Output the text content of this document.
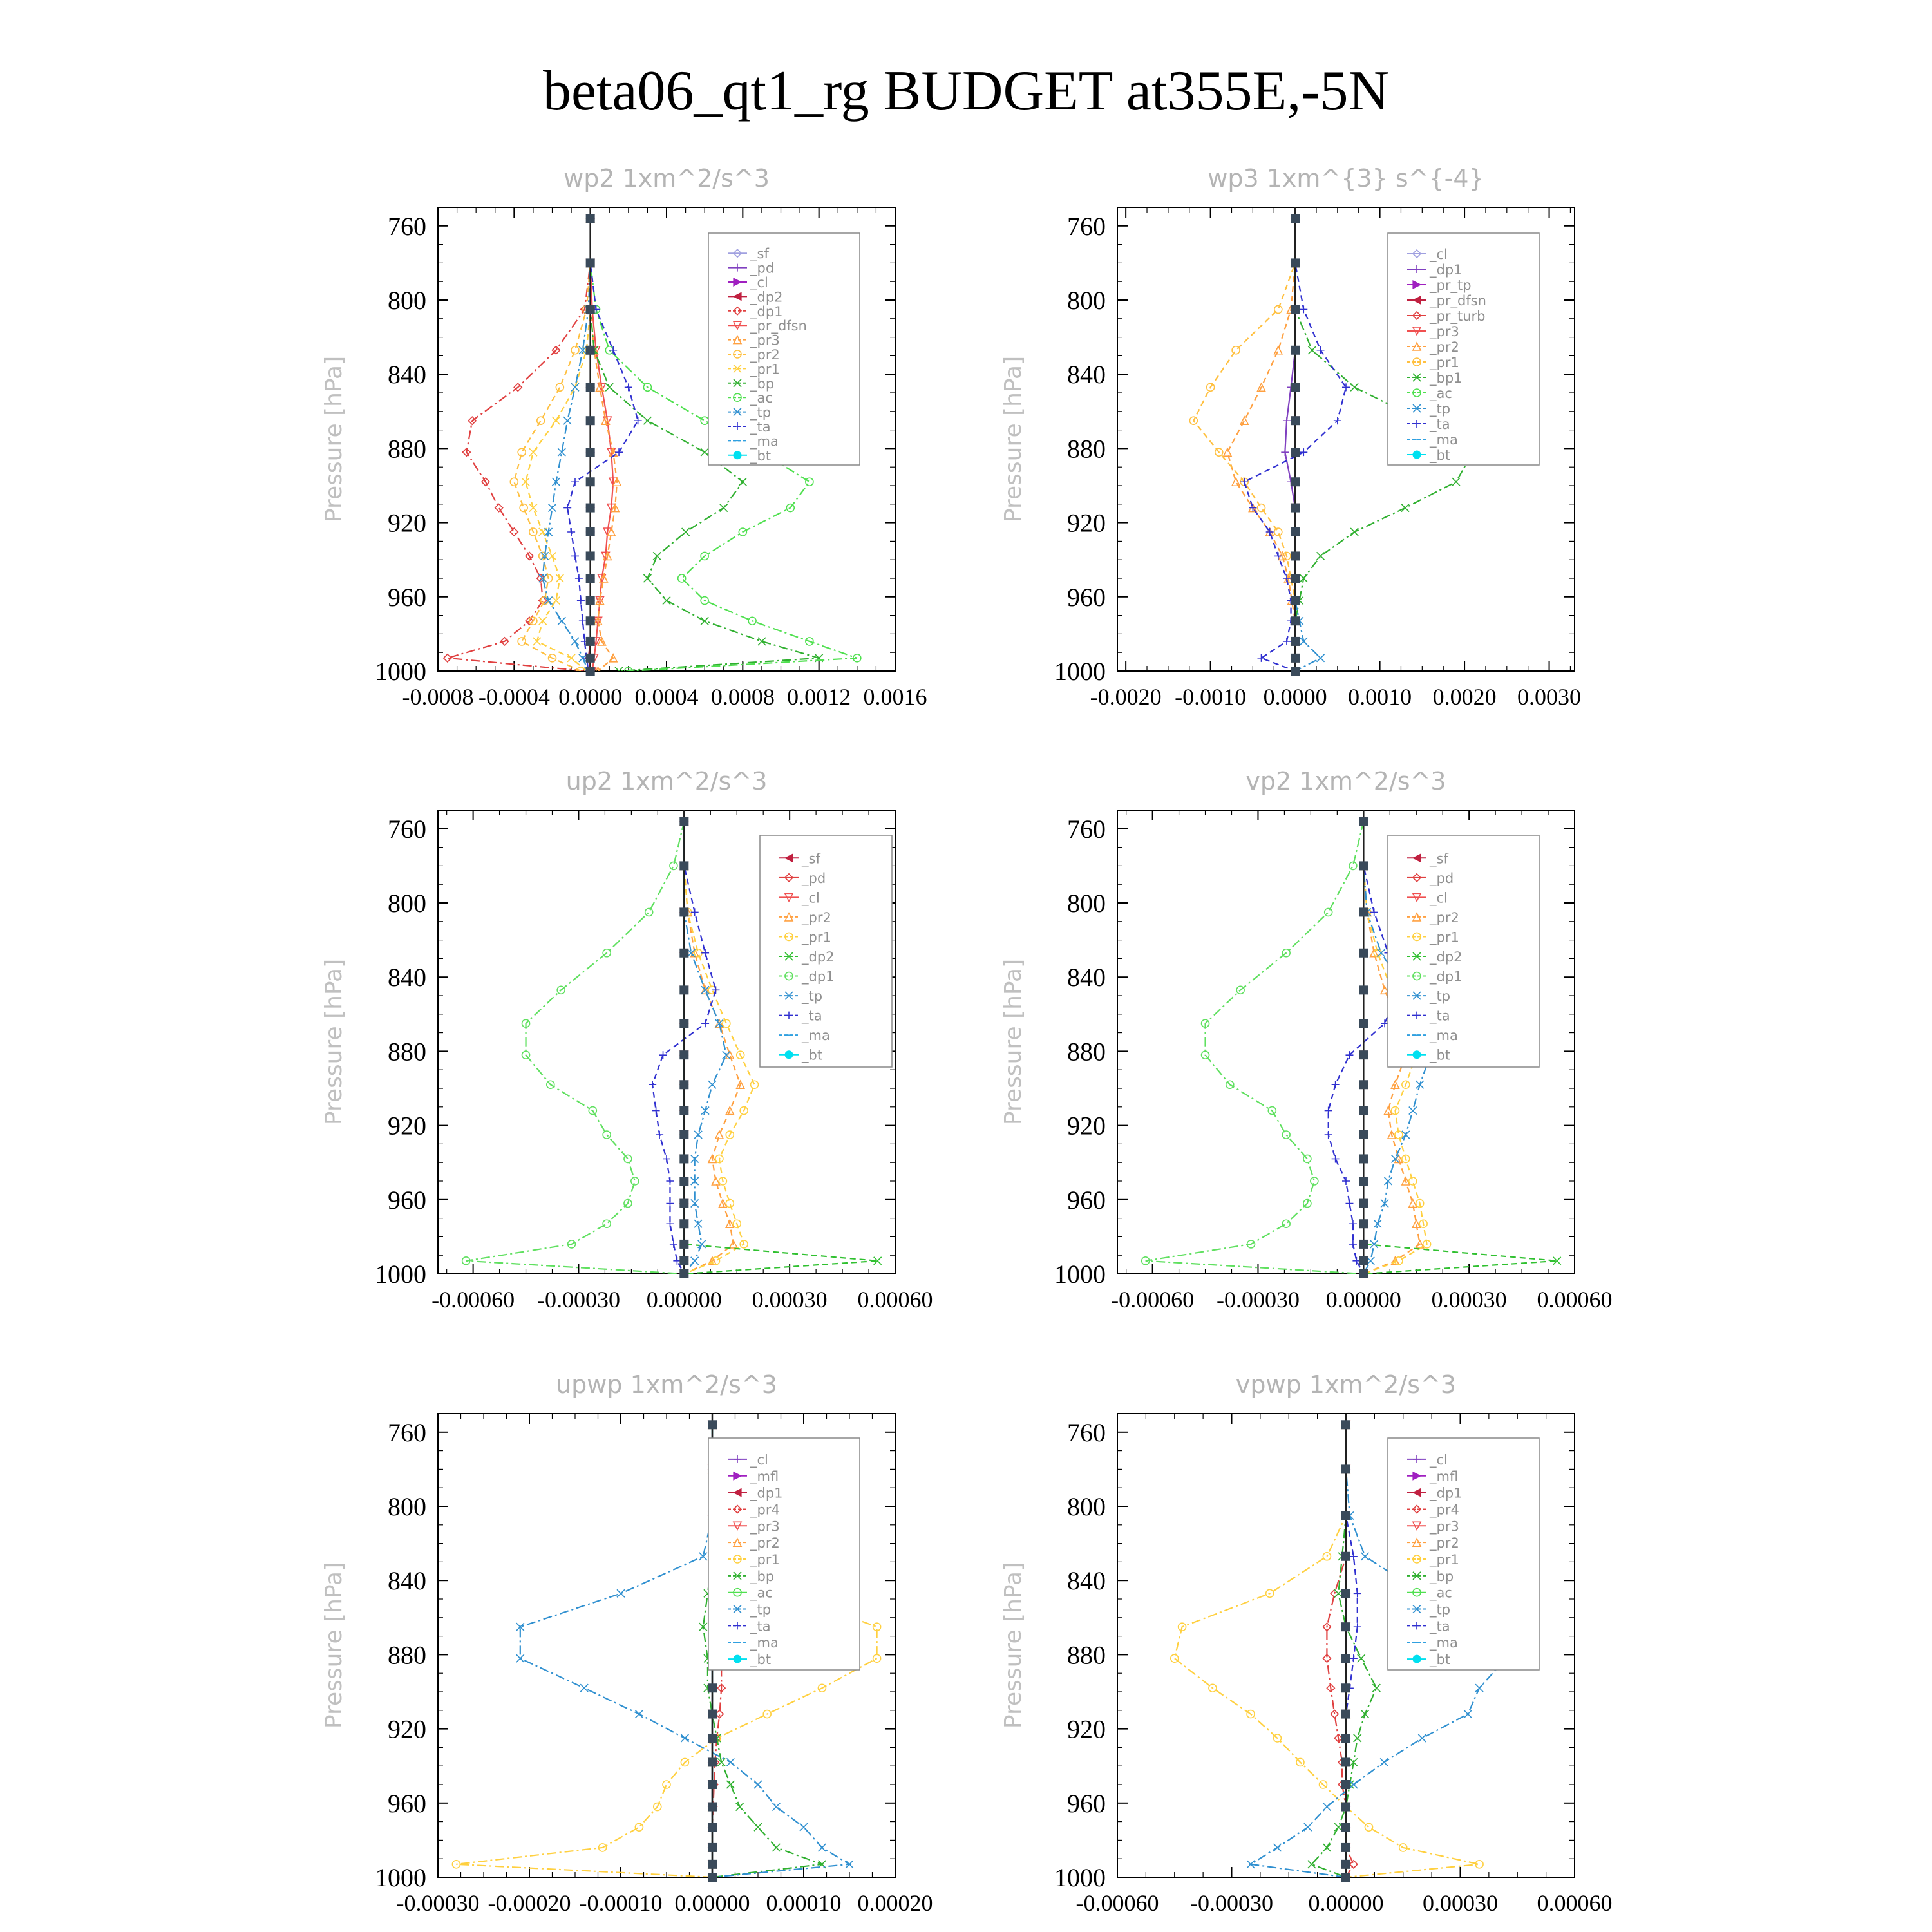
beta06_qt1_rg BUDGET at355E,-5N
wp2 1xm^2/s^3
Pressure [hPa]
760
800
840
880
920
960
1000
-0.0008 -0.0004 0.0000 0.0004 0.0008 0.0012 0.0016
_sf
_pd
_cl
_dp2
_dp1
_pr_dfsn
_pr3
_pr2
_pr1
_bp
_ac
_tp
_ta
_ma
_bt
wp3 1xm^{3} s^{-4}
Pressure [hPa]
760
800
840
880
920
960
1000
-0.0020 -0.0010 0.0000 0.0010 0.0020 0.0030
_cl
_dp1
_pr_tp
_pr_dfsn
_pr_turb
_pr3
_pr2
_pr1
_bp1
_ac
_tp
_ta
_ma
_bt
up2 1xm^2/s^3
Pressure [hPa]
760
800
840
880
920
960
1000
-0.00060 -0.00030 0.00000 0.00030 0.00060
_sf
_pd
_cl
_pr2
_pr1
_dp2
_dp1
_tp
_ta
_ma
_bt
vp2 1xm^2/s^3
Pressure [hPa]
760
800
840
880
920
960
1000
-0.00060 -0.00030 0.00000 0.00030 0.00060
_sf
_pd
_cl
_pr2
_pr1
_dp2
_dp1
_tp
_ta
_ma
_bt
upwp 1xm^2/s^3
Pressure [hPa]
760
800
840
880
920
960
1000
-0.00030 -0.00020 -0.00010 0.00000 0.00010 0.00020
_cl
_mfl
_dp1
_pr4
_pr3
_pr2
_pr1
_bp
_ac
_tp
_ta
_ma
_bt
vpwp 1xm^2/s^3
Pressure [hPa]
760
800
840
880
920
960
1000
-0.00060 -0.00030 0.00000 0.00030 0.00060
_cl
_mfl
_dp1
_pr4
_pr3
_pr2
_pr1
_bp
_ac
_tp
_ta
_ma
_bt
